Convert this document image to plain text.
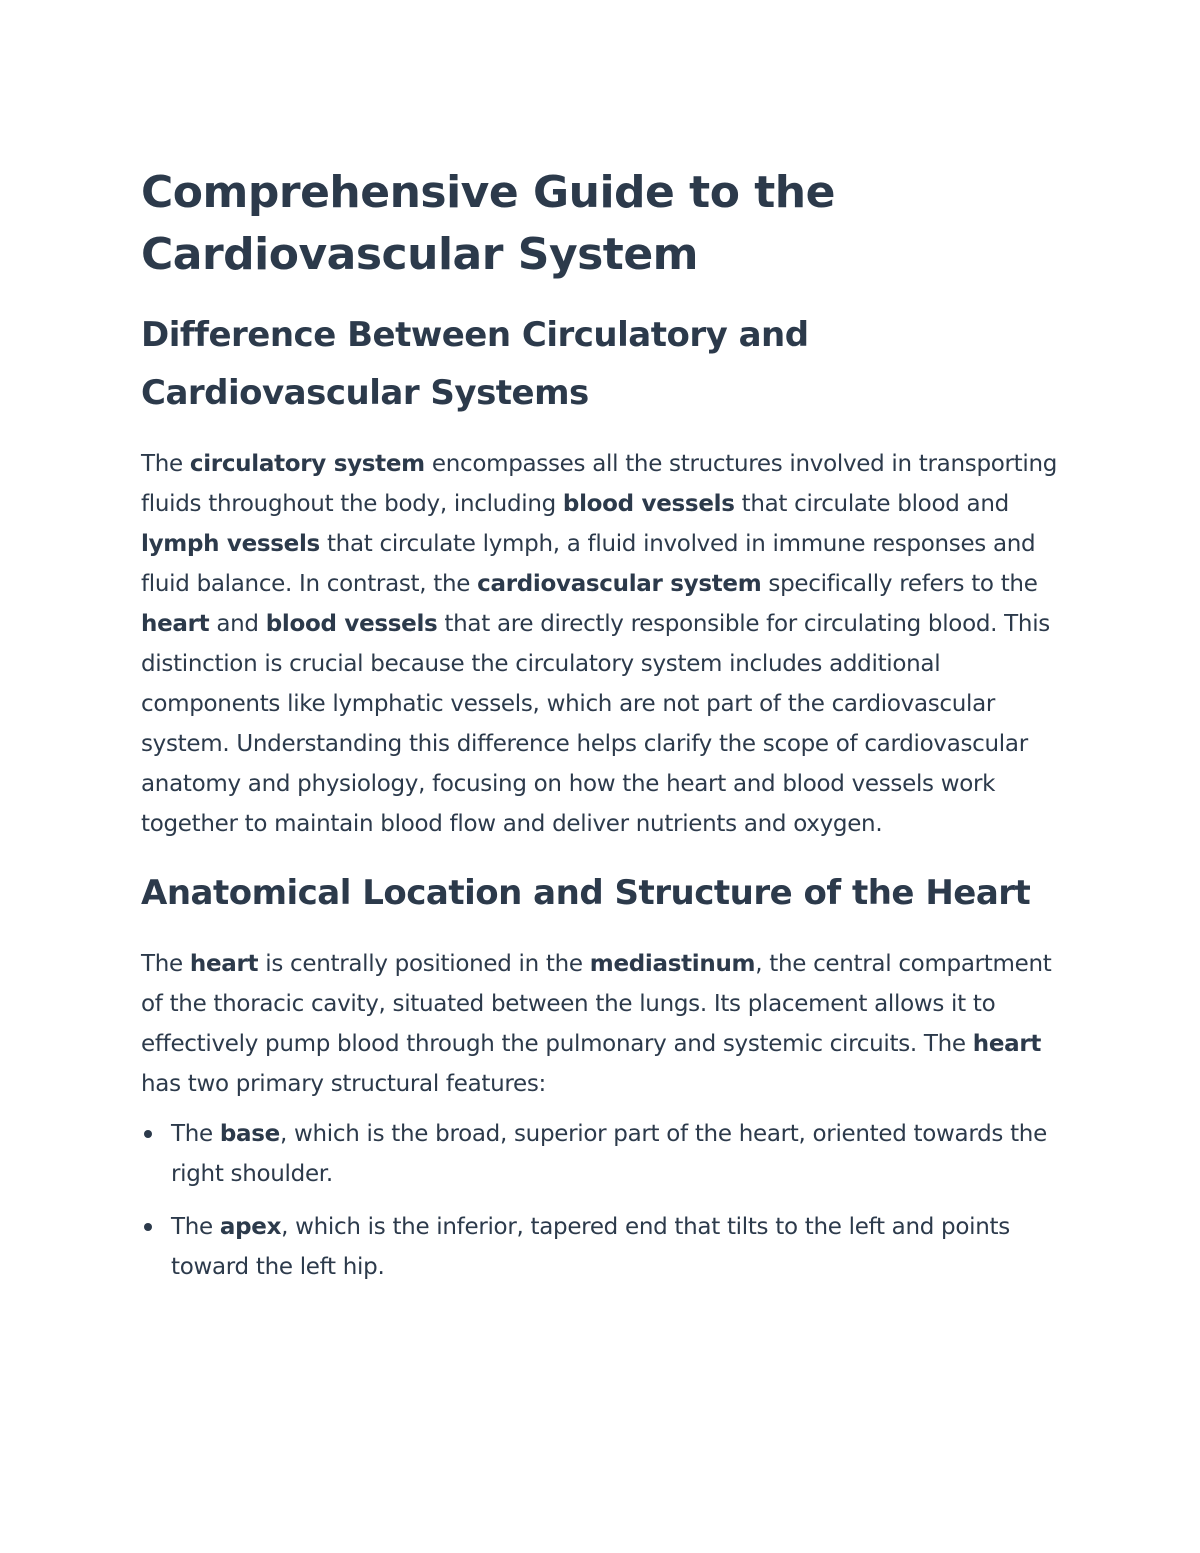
Comprehensive Guide to the Cardiovascular System
Difference Between Circulatory and Cardiovascular Systems

The circulatory system encompasses all the structures involved in transporting fluids throughout the body, including blood vessels that circulate blood and lymph vessels that circulate lymph, a fluid involved in immune responses and fluid balance. In contrast, the cardiovascular system specifically refers to the heart and blood vessels that are directly responsible for circulating blood. This distinction is crucial because the circulatory system includes additional components like lymphatic vessels, which are not part of the cardiovascular system. Understanding this difference helps clarify the scope of cardiovascular anatomy and physiology, focusing on how the heart and blood vessels work together to maintain blood flow and deliver nutrients and oxygen.

Anatomical Location and Structure of the Heart

The heart is centrally positioned in the mediastinum, the central compartment of the thoracic cavity, situated between the lungs. Its placement allows it to effectively pump blood through the pulmonary and systemic circuits. The heart has two primary structural features:

The base, which is the broad, superior part of the heart, oriented towards the right shoulder.
The apex, which is the inferior, tapered end that tilts to the left and points toward the left hip.
